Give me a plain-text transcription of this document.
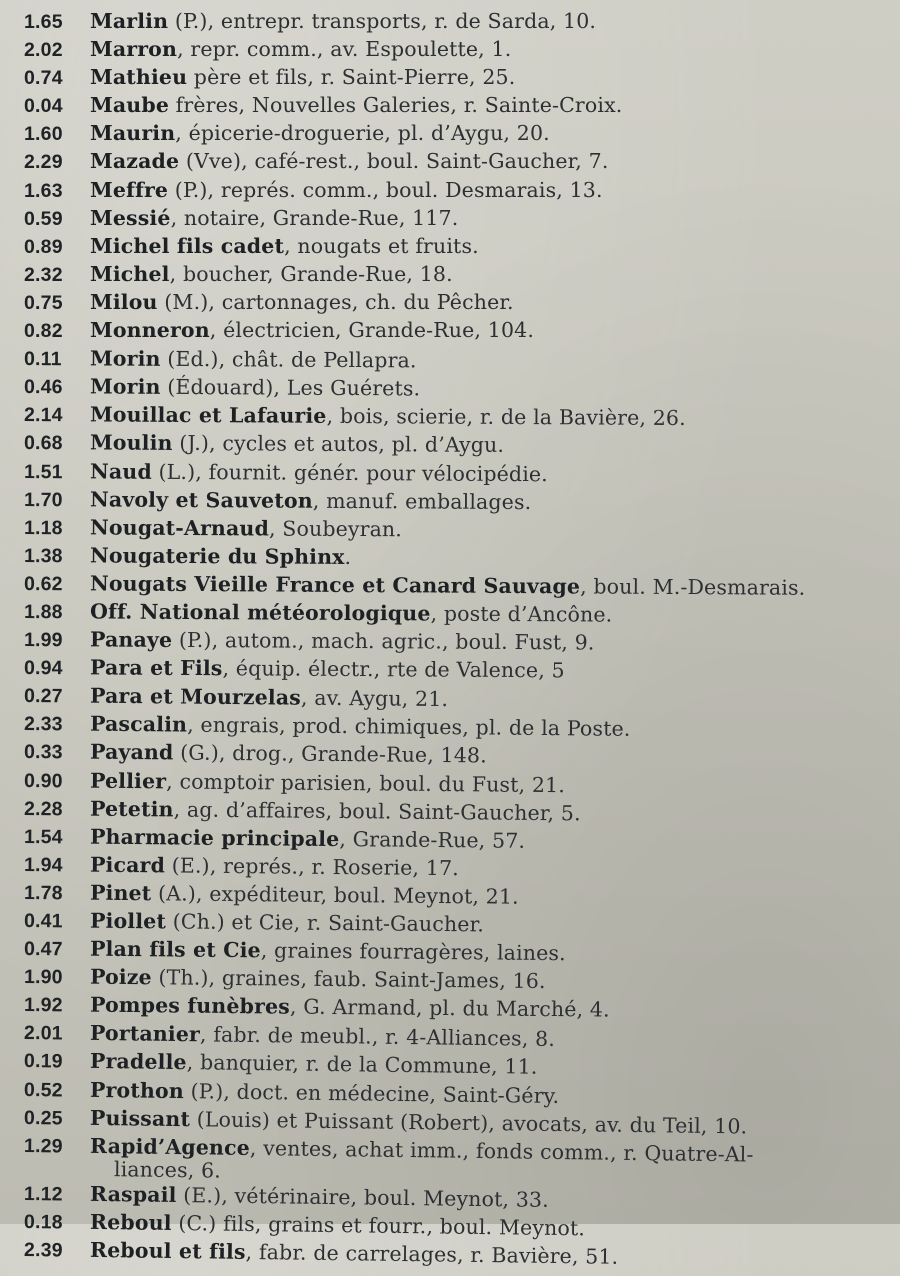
1.65	Marlin (P.), entrepr. transports, r. de Sarda, 10.
2.02	Marron, repr. comm., av. Espoulette, 1.
0.74	Mathieu père et fils, r. Saint-Pierre, 25.
0.04	Maube frères, Nouvelles Galeries, r. Sainte-Croix.
1.60	Maurin, épicerie-droguerie, pl. d’Aygu, 20.
2.29	Mazade (Vve), café-rest., boul. Saint-Gaucher, 7.
1.63	Meffre (P.), représ. comm., boul. Desmarais, 13.
0.59	Messié, notaire, Grande-Rue, 117.
0.89	Michel fils cadet, nougats et fruits.
2.32	Michel, boucher, Grande-Rue, 18.
0.75	Milou (M.), cartonnages, ch. du Pêcher.
0.82	Monneron, électricien, Grande-Rue, 104.
0.11	Morin (Ed.), chât. de Pellapra.
0.46	Morin (Édouard), Les Guérets.
2.14	Mouillac et Lafaurie, bois, scierie, r. de la Bavière, 26.
0.68	Moulin (J.), cycles et autos, pl. d’Aygu.
1.51	Naud (L.), fournit. génér. pour vélocipédie.
1.70	Navoly et Sauveton, manuf. emballages.
1.18	Nougat-Arnaud, Soubeyran.
1.38	Nougaterie du Sphinx.
0.62	Nougats Vieille France et Canard Sauvage, boul. M.-Desmarais.
1.88	Off. National météorologique, poste d’Ancône.
1.99	Panaye (P.), autom., mach. agric., boul. Fust, 9.
0.94	Para et Fils, équip. électr., rte de Valence, 5
0.27	Para et Mourzelas, av. Aygu, 21.
2.33	Pascalin, engrais, prod. chimiques, pl. de la Poste.
0.33	Payand (G.), drog., Grande-Rue, 148.
0.90	Pellier, comptoir parisien, boul. du Fust, 21.
2.28	Petetin, ag. d’affaires, boul. Saint-Gaucher, 5.
1.54	Pharmacie principale, Grande-Rue, 57.
1.94	Picard (E.), représ., r. Roserie, 17.
1.78	Pinet (A.), expéditeur, boul. Meynot, 21.
0.41	Piollet (Ch.) et Cie, r. Saint-Gaucher.
0.47	Plan fils et Cie, graines fourragères, laines.
1.90	Poize (Th.), graines, faub. Saint-James, 16.
1.92	Pompes funèbres, G. Armand, pl. du Marché, 4.
2.01	Portanier, fabr. de meubl., r. 4-Alliances, 8.
0.19	Pradelle, banquier, r. de la Commune, 11.
0.52	Prothon (P.), doct. en médecine, Saint-Géry.
0.25	Puissant (Louis) et Puissant (Robert), avocats, av. du Teil, 10.
1.29	Rapid’Agence, ventes, achat imm., fonds comm., r. Quatre-Al-
liances, 6.
1.12	Raspail (E.), vétérinaire, boul. Meynot, 33.
0.18	Reboul (C.) fils, grains et fourr., boul. Meynot.
2.39	Reboul et fils, fabr. de carrelages, r. Bavière, 51.
